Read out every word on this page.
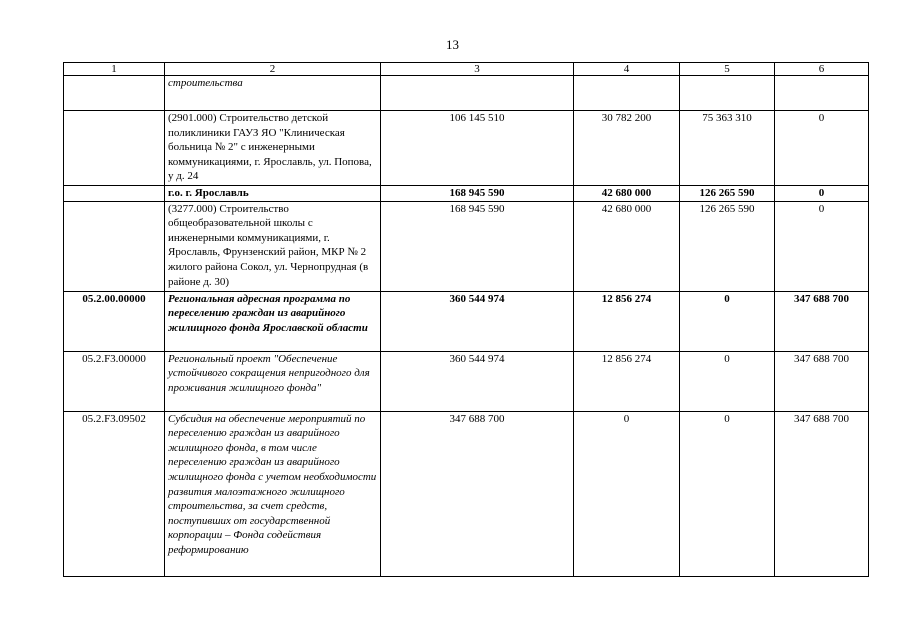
13
1	2	3	4	5	6
	строительства				
	(2901.000) Строительство детской поликлиники ГАУЗ ЯО "Клиническая больница № 2" с инженерными коммуникациями, г. Ярославль, ул. Попова, у д. 24	106 145 510	30 782 200	75 363 310	0
	г.о. г. Ярославль	168 945 590	42 680 000	126 265 590	0
	(3277.000) Строительство общеобразовательной школы с инженерными коммуникациями, г. Ярославль, Фрунзенский район, МКР № 2 жилого района Сокол, ул. Чернопрудная (в районе д. 30)	168 945 590	42 680 000	126 265 590	0
05.2.00.00000	Региональная адресная программа по переселению граждан из аварийного жилищного фонда Ярославской области	360 544 974	12 856 274	0	347 688 700
05.2.F3.00000	Региональный проект "Обеспечение устойчивого сокращения непригодного для проживания жилищного фонда"	360 544 974	12 856 274	0	347 688 700
05.2.F3.09502	Субсидия на обеспечение мероприятий по переселению граждан из аварийного жилищного фонда, в том числе переселению граждан из аварийного жилищного фонда с учетом необходимости развития малоэтажного жилищного строительства, за счет средств, поступивших от государственной корпорации – Фонда содействия реформированию	347 688 700	0	0	347 688 700
